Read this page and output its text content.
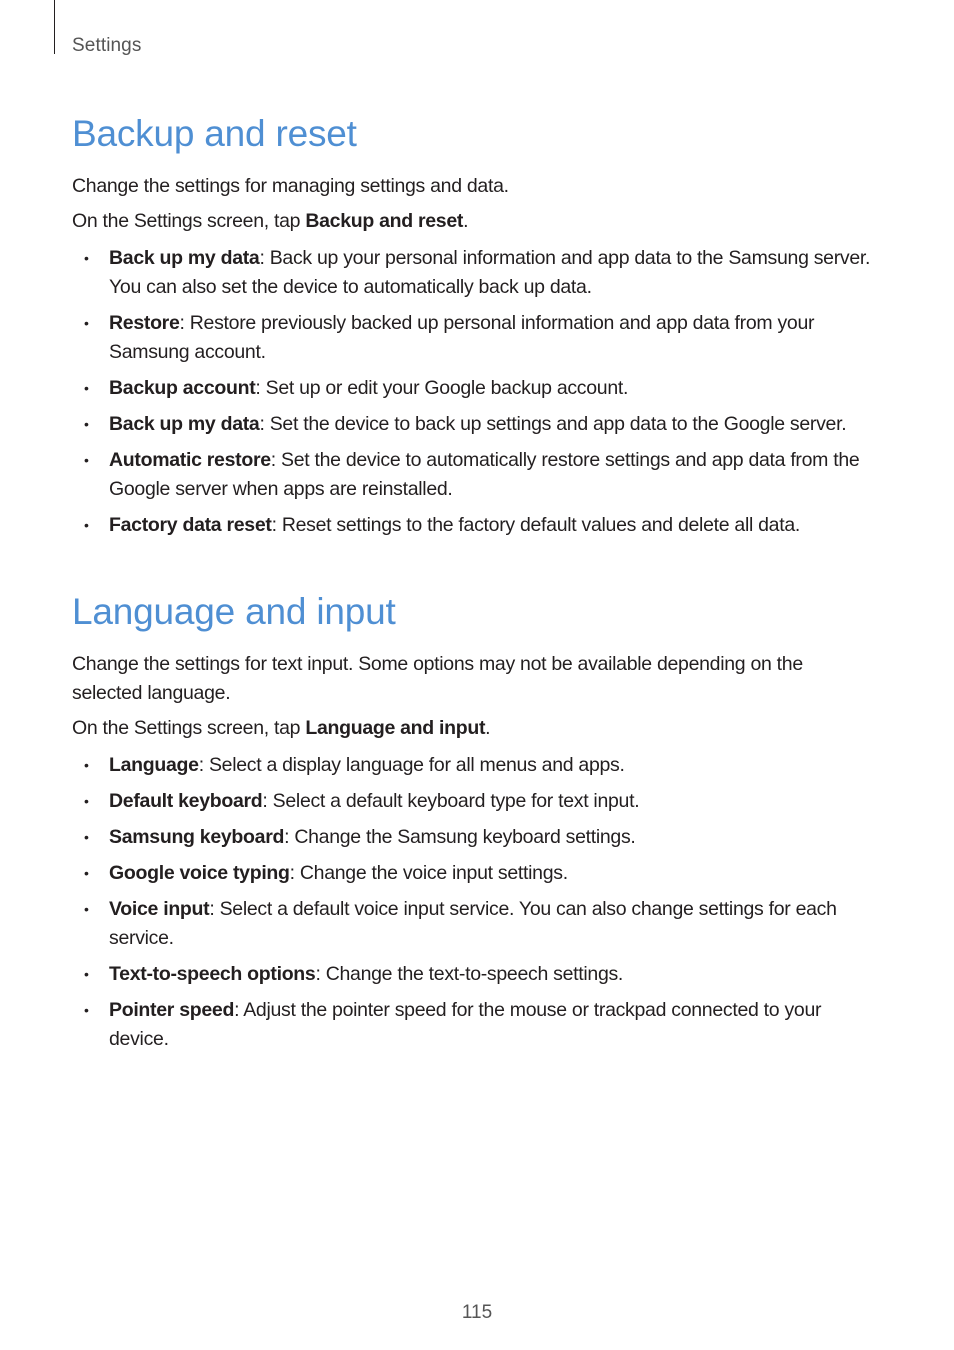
Settings
Backup and reset

Change the settings for managing settings and data.

On the Settings screen, tap Backup and reset.

• Back up my data: Back up your personal information and app data to the Samsung server. You can also set the device to automatically back up data.
• Restore: Restore previously backed up personal information and app data from your Samsung account.
• Backup account: Set up or edit your Google backup account.
• Back up my data: Set the device to back up settings and app data to the Google server.
• Automatic restore: Set the device to automatically restore settings and app data from the Google server when apps are reinstalled.
• Factory data reset: Reset settings to the factory default values and delete all data.
Language and input

Change the settings for text input. Some options may not be available depending on the selected language.

On the Settings screen, tap Language and input.

• Language: Select a display language for all menus and apps.
• Default keyboard: Select a default keyboard type for text input.
• Samsung keyboard: Change the Samsung keyboard settings.
• Google voice typing: Change the voice input settings.
• Voice input: Select a default voice input service. You can also change settings for each service.
• Text-to-speech options: Change the text-to-speech settings.
• Pointer speed: Adjust the pointer speed for the mouse or trackpad connected to your device.
115
